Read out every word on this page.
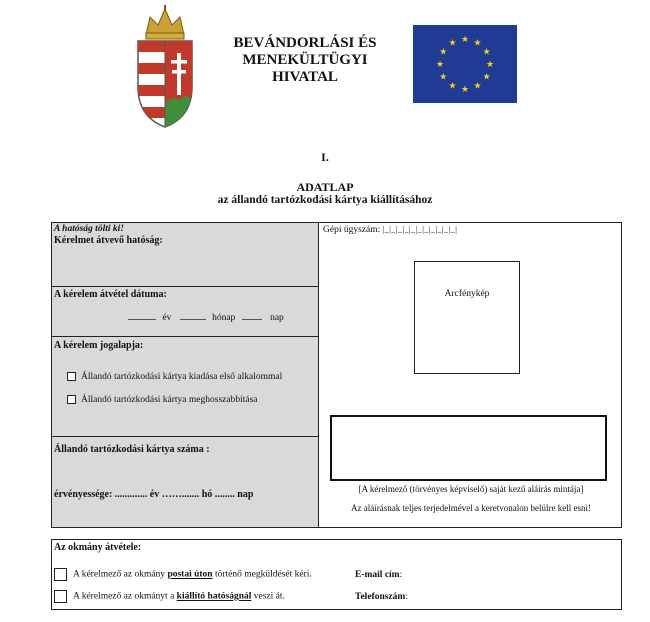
BEVÁNDORLÁSI ÉS
MENEKÜLTÜGYI
HIVATAL
★ ★
★
★
★
★
★
★
★
★
★
★
I.
ADATLAP
az állandó tartózkodási kártya kiállításához
A hatóság tölti ki!
Kérelmet átvevő hatóság:
A kérelem átvétel dátuma:
év	hónap	nap
A kérelem jogalapja:
Állandó tartózkodási kártya kiadása első alkalommal
Állandó tartózkodási kártya meghosszabbítása
Állandó tartózkodási kártya száma :
érvényessége: ............. év ……....... hó ........ nap
Gépi ügyszám: |_|_|_|_|_|_|_|_|_|_|_|
Arcfénykép
[A kérelmező (törvényes képviselő) saját kezű aláírás mintája]
Az aláírásnak teljes terjedelmével a keretvonalon belülre kell esni!
Az okmány átvétele:
A kérelmező az okmány postai úton történő megküldését kéri.	E-mail cím:
A kérelmező az okmányt a kiállító hatóságnál veszi át.	Telefonszám:
